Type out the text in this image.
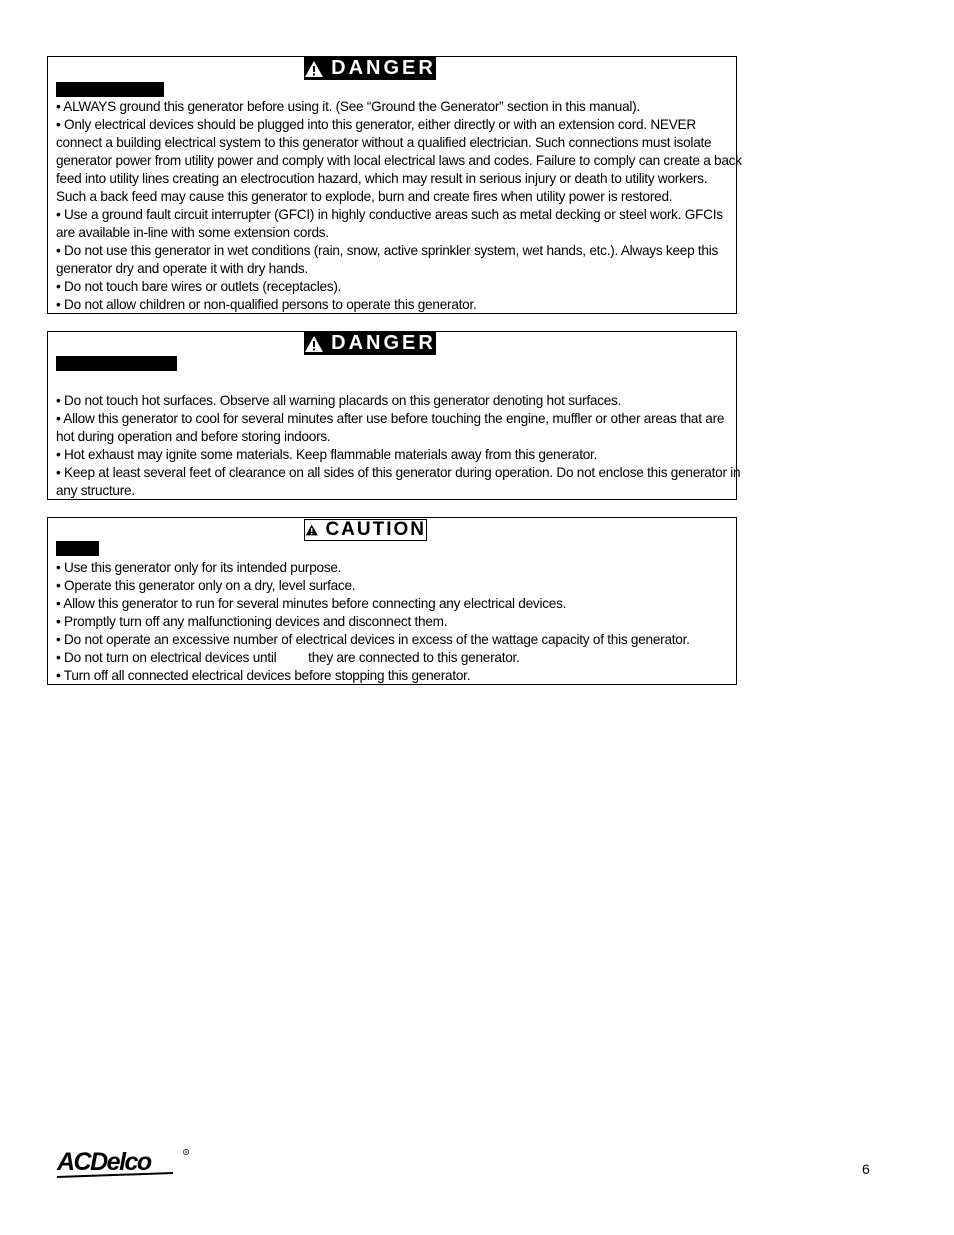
DANGER
• ALWAYS ground this generator before using it. (See “Ground the Generator” section in this manual).
• Only electrical devices should be plugged into this generator, either directly or with an extension cord. NEVER
connect a building electrical system to this generator without a qualified electrician. Such connections must isolate
generator power from utility power and comply with local electrical laws and codes. Failure to comply can create a back
feed into utility lines creating an electrocution hazard, which may result in serious injury or death to utility workers.
Such a back feed may cause this generator to explode, burn and create fires when utility power is restored.
• Use a ground fault circuit interrupter (GFCI) in highly conductive areas such as metal decking or steel work. GFCIs
are available in-line with some extension cords.
• Do not use this generator in wet conditions (rain, snow, active sprinkler system, wet hands, etc.). Always keep this
generator dry and operate it with dry hands.
• Do not touch bare wires or outlets (receptacles).
• Do not allow children or non-qualified persons to operate this generator.
DANGER
• Do not touch hot surfaces. Observe all warning placards on this generator denoting hot surfaces.
• Allow this generator to cool for several minutes after use before touching the engine, muffler or other areas that are
hot during operation and before storing indoors.
• Hot exhaust may ignite some materials. Keep flammable materials away from this generator.
• Keep at least several feet of clearance on all sides of this generator during operation. Do not enclose this generator in
any structure.
CAUTION
• Use this generator only for its intended purpose.
• Operate this generator only on a dry, level surface.
• Allow this generator to run for several minutes before connecting any electrical devices.
• Promptly turn off any malfunctioning devices and disconnect them.
• Do not operate an excessive number of electrical devices in excess of the wattage capacity of this generator.
• Do not turn on electrical devices until         they are connected to this generator.
• Turn off all connected electrical devices before stopping this generator.
ACDelco	R
6
